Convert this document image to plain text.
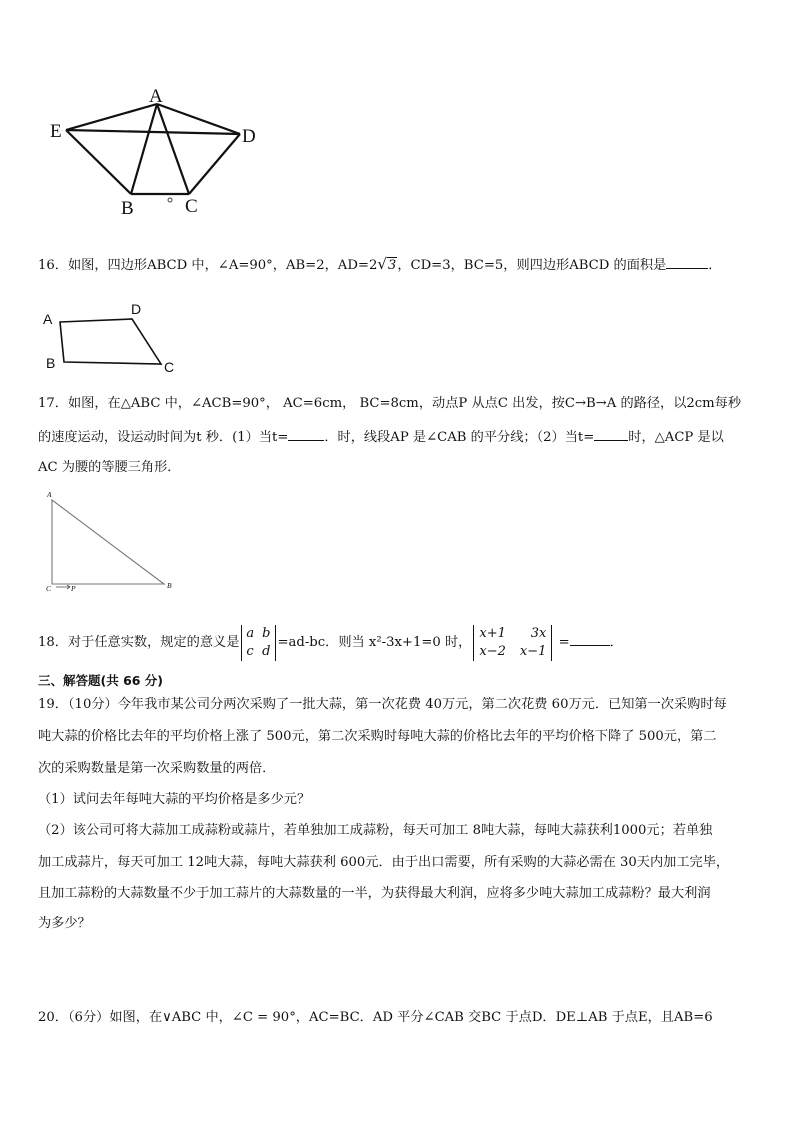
A
E	D
B	C
16．如图，四边形ABCD 中，∠A=90°，AB=2，AD=2√3，CD=3，BC=5，则四边形ABCD 的面积是	．
A
D
B	C
17．如图，在△ABC 中，∠ACB=90°， AC=6cm， BC=8cm，动点P 从点C 出发，按C→B→A 的路径，以2cm每秒
的速度运动，设运动时间为t 秒．(1）当t=	．时，线段AP 是∠CAB 的平分线；（2）当t=	时，△ACP 是以
AC 为腰的等腰三角形．
A
C	P	B
18．对于任意实数，规定的意义是
a b
c d
=ad-bc．则当 x²-3x+1=0 时，
x+1 3x
x−2 x−1
=	．
三、解答题(共 66 分)
19．（10分）今年我市某公司分两次采购了一批大蒜，第一次花费 40万元，第二次花费 60万元．已知第一次采购时每
吨大蒜的价格比去年的平均价格上涨了 500元，第二次采购时每吨大蒜的价格比去年的平均价格下降了 500元，第二
次的采购数量是第一次采购数量的两倍．
（1）试问去年每吨大蒜的平均价格是多少元？
（2）该公司可将大蒜加工成蒜粉或蒜片，若单独加工成蒜粉，每天可加工 8吨大蒜，每吨大蒜获利1000元；若单独
加工成蒜片，每天可加工 12吨大蒜，每吨大蒜获利 600元．由于出口需要，所有采购的大蒜必需在 30天内加工完毕，
且加工蒜粉的大蒜数量不少于加工蒜片的大蒜数量的一半，为获得最大利润，应将多少吨大蒜加工成蒜粉？最大利润
为多少？
20．（6分）如图，在∨ABC 中，∠C = 90°，AC=BC．AD 平分∠CAB 交BC 于点D．DE⊥AB 于点E，且AB=6
